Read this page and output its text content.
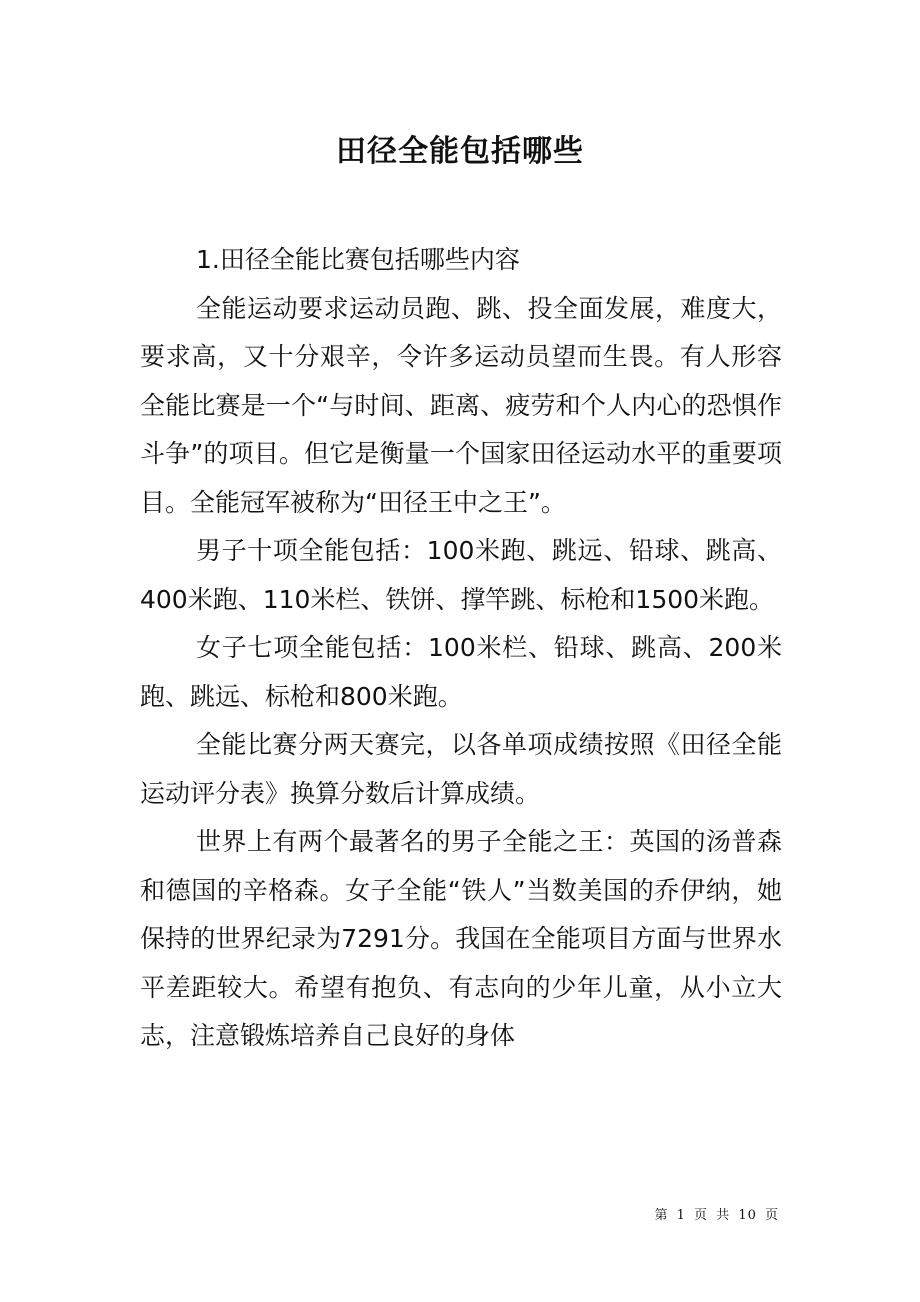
田径全能包括哪些

1.田径全能比赛包括哪些内容

全能运动要求运动员跑、跳、投全面发展，难度大，要求高，又十分艰辛，令许多运动员望而生畏。有人形容全能比赛是一个“与时间、距离、疲劳和个人内心的恐惧作斗争”的项目。但它是衡量一个国家田径运动水平的重要项目。全能冠军被称为“田径王中之王”。

男子十项全能包括：100米跑、跳远、铅球、跳高、400米跑、110米栏、铁饼、撑竿跳、标枪和1500米跑。

女子七项全能包括：100米栏、铅球、跳高、200米跑、跳远、标枪和800米跑。

全能比赛分两天赛完，以各单项成绩按照《田径全能运动评分表》换算分数后计算成绩。

世界上有两个最著名的男子全能之王：英国的汤普森和德国的辛格森。女子全能“铁人”当数美国的乔伊纳，她保持的世界纪录为7291分。我国在全能项目方面与世界水平差距较大。希望有抱负、有志向的少年儿童，从小立大志，注意锻炼培养自己良好的身体

第 1 页 共 10 页
